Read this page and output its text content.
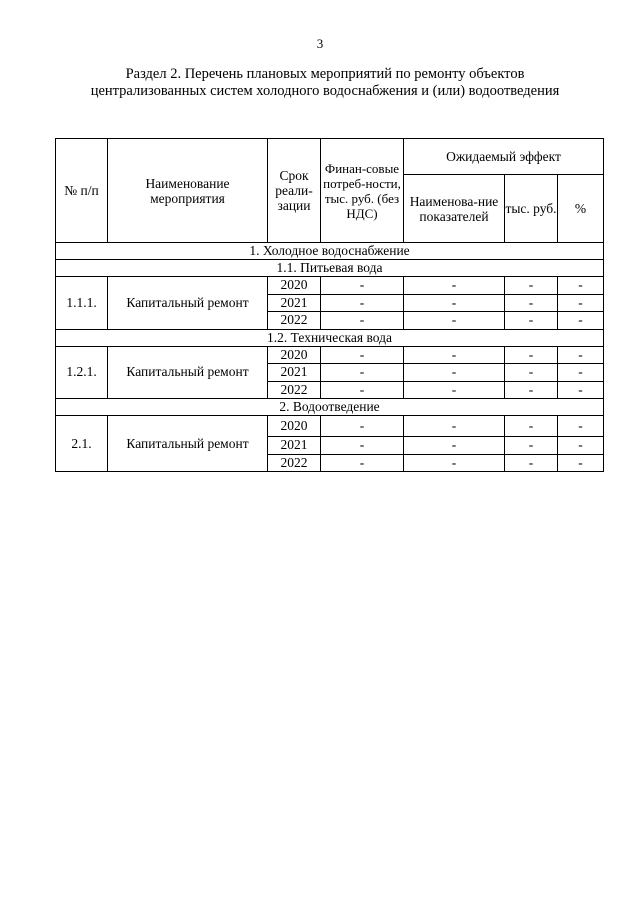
3
Раздел 2. Перечень плановых мероприятий по ремонту объектов централизованных систем холодного водоснабжения и (или) водоотведения
№ п/п	Наименование мероприятия	Срок реали-зации	Финан-совые потреб-ности, тыс. руб. (без НДС)	Ожидаемый эффект		
				Наименова-ние показателей	тыс. руб.	%
1. Холодное водоснабжение						
1.1. Питьевая вода						
1.1.1.	Капитальный ремонт	2020	-	-	-	-
		2021	-	-	-	-
		2022	-	-	-	-
1.2. Техническая вода						
1.2.1.	Капитальный ремонт	2020	-	-	-	-
		2021	-	-	-	-
		2022	-	-	-	-
2. Водоотведение						
2.1.	Капитальный ремонт	2020	-	-	-	-
		2021	-	-	-	-
		2022	-	-	-	-
